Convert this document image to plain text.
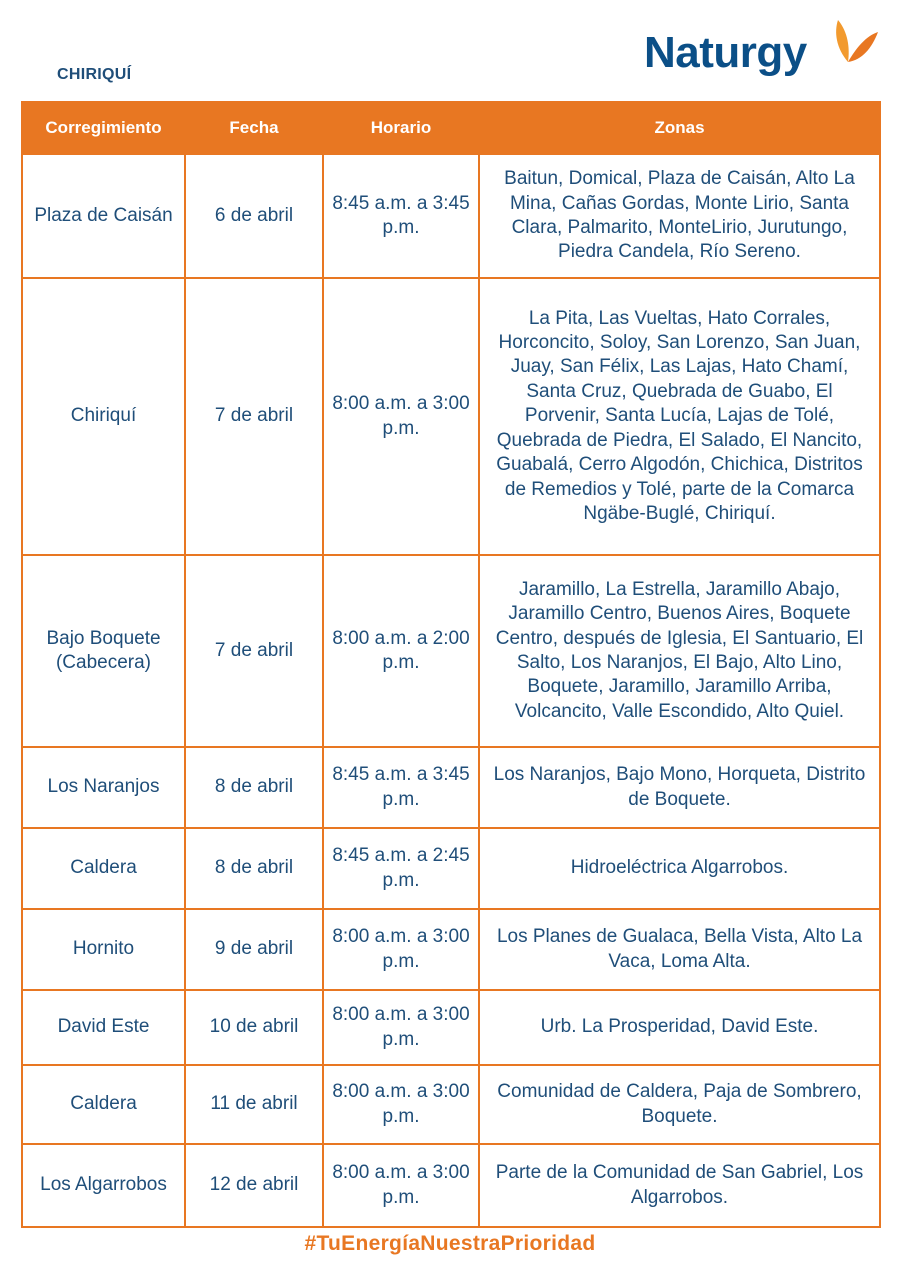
CHIRIQUÍ	Naturgy
Corregimiento	Fecha	Horario	Zonas
Plaza de Caisán	6 de abril	8:45 a.m. a 3:45 p.m.	Baitun, Domical, Plaza de Caisán, Alto La Mina, Cañas Gordas, Monte Lirio, Santa Clara, Palmarito, MonteLirio, Jurutungo, Piedra Candela, Río Sereno.
Chiriquí	7 de abril	8:00 a.m. a 3:00 p.m.	La Pita, Las Vueltas, Hato Corrales, Horconcito, Soloy, San Lorenzo, San Juan, Juay, San Félix, Las Lajas, Hato Chamí, Santa Cruz, Quebrada de Guabo, El Porvenir, Santa Lucía, Lajas de Tolé, Quebrada de Piedra, El Salado, El Nancito, Guabalá, Cerro Algodón, Chichica, Distritos de Remedios y Tolé, parte de la Comarca Ngäbe-Buglé, Chiriquí.
Bajo Boquete (Cabecera)	7 de abril	8:00 a.m. a 2:00 p.m.	Jaramillo, La Estrella, Jaramillo Abajo, Jaramillo Centro, Buenos Aires, Boquete Centro, después de Iglesia, El Santuario, El Salto, Los Naranjos, El Bajo, Alto Lino, Boquete, Jaramillo, Jaramillo Arriba, Volcancito, Valle Escondido, Alto Quiel.
Los Naranjos	8 de abril	8:45 a.m. a 3:45 p.m.	Los Naranjos, Bajo Mono, Horqueta, Distrito de Boquete.
Caldera	8 de abril	8:45 a.m. a 2:45 p.m.	Hidroeléctrica Algarrobos.
Hornito	9 de abril	8:00 a.m. a 3:00 p.m.	Los Planes de Gualaca, Bella Vista, Alto La Vaca, Loma Alta.
David Este	10 de abril	8:00 a.m. a 3:00 p.m.	Urb. La Prosperidad, David Este.
Caldera	11 de abril	8:00 a.m. a 3:00 p.m.	Comunidad de Caldera, Paja de Sombrero, Boquete.
Los Algarrobos	12 de abril	8:00 a.m. a 3:00 p.m.	Parte de la Comunidad de San Gabriel, Los Algarrobos.
#TuEnergíaNuestraPrioridad
